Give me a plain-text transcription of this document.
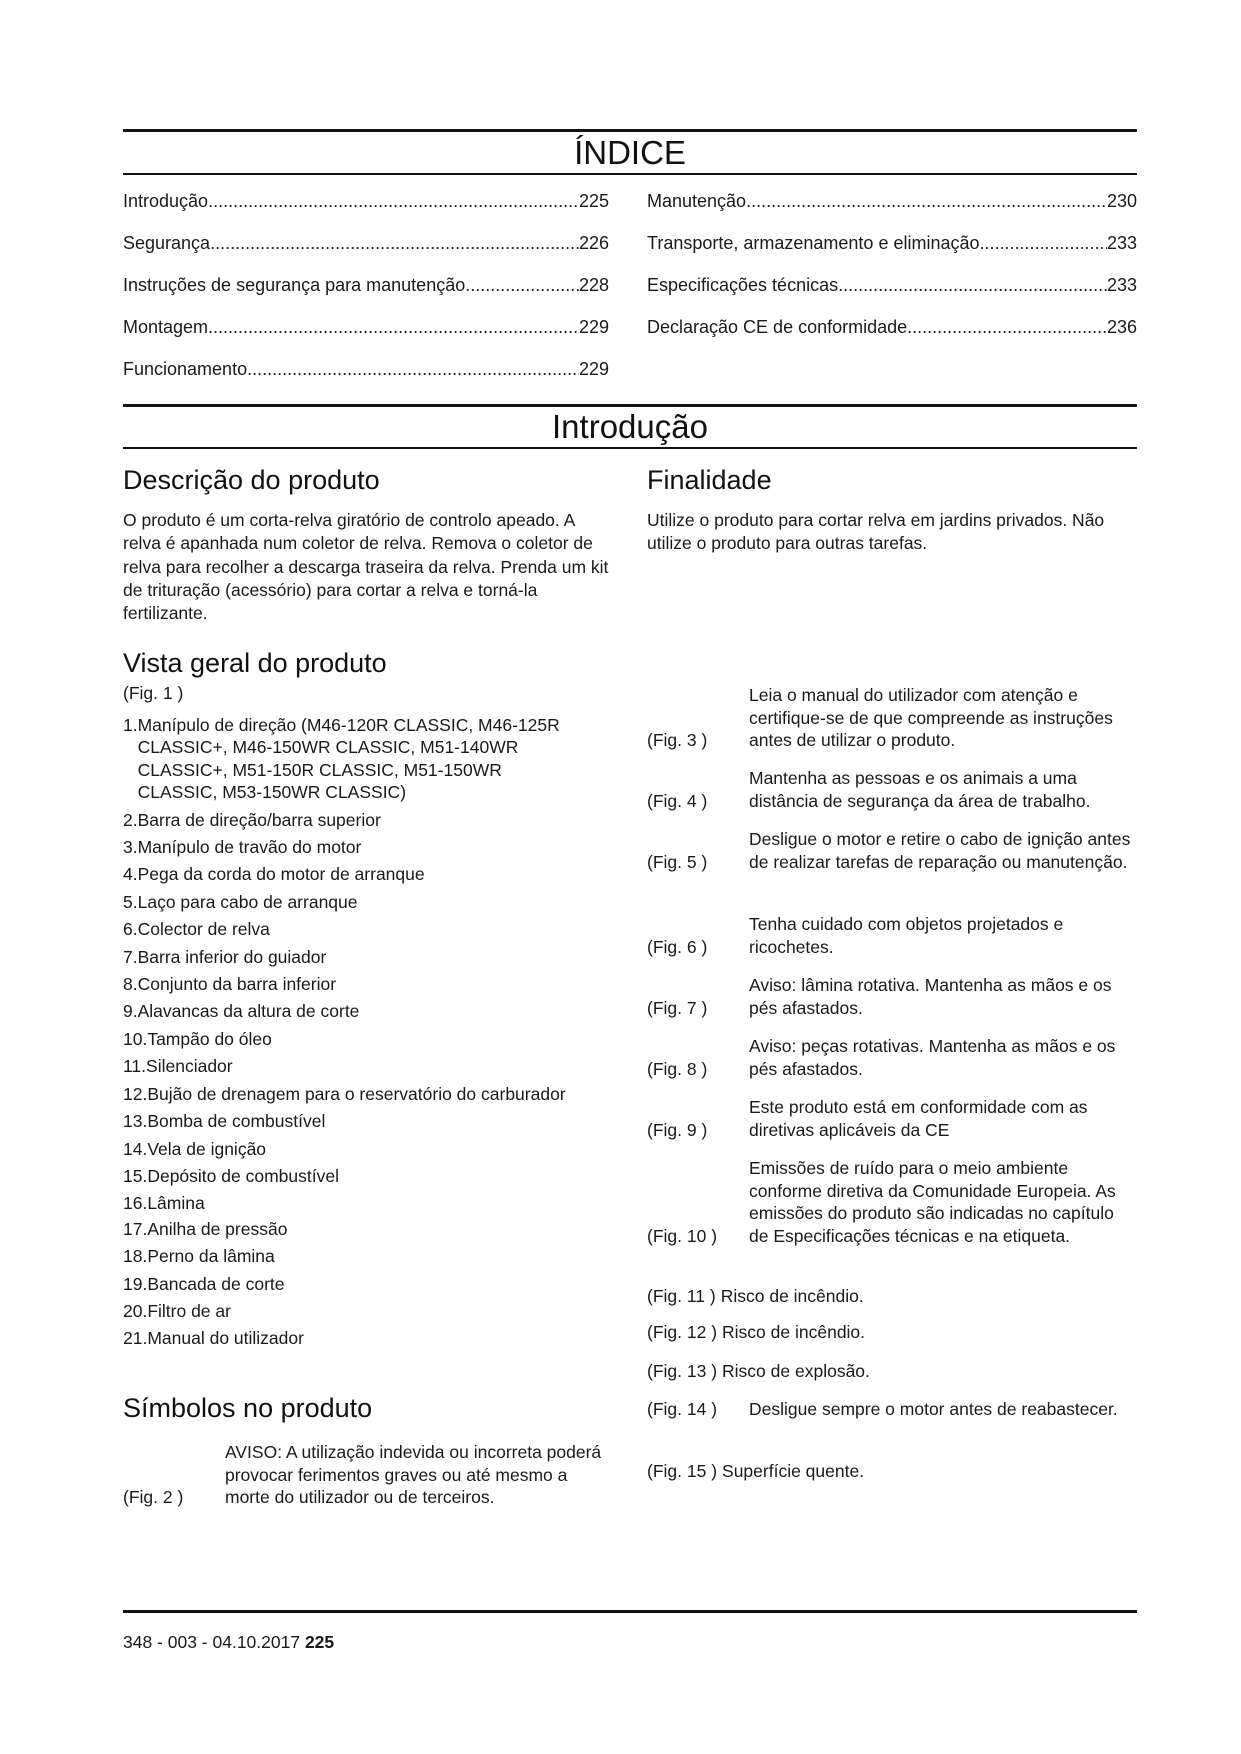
ÍNDICE
Introdução .....	225
Segurança .....	226
Instruções de segurança para manutenção .....	228
Montagem .....	229
Funcionamento .....	229
Manutenção .....	230
Transporte, armazenamento e eliminação .....	233
Especificações técnicas .....	233
Declaração CE de conformidade .....	236
Introdução
Descrição do produto

O produto é um corta-relva giratório de controlo apeado. A relva é apanhada num coletor de relva. Remova o coletor de relva para recolher a descarga traseira da relva. Prenda um kit de trituração (acessório) para cortar a relva e torná-la fertilizante.

Finalidade

Utilize o produto para cortar relva em jardins privados. Não utilize o produto para outras tarefas.

Vista geral do produto
(Fig. 1 )
1. Manípulo de direção (M46-120R CLASSIC, M46-125R CLASSIC+, M46-150WR CLASSIC, M51-140WR CLASSIC+, M51-150R CLASSIC, M51-150WR CLASSIC, M53-150WR CLASSIC)
2. Barra de direção/barra superior
3. Manípulo de travão do motor
4. Pega da corda do motor de arranque
5. Laço para cabo de arranque
6. Colector de relva
7. Barra inferior do guiador
8. Conjunto da barra inferior
9. Alavancas da altura de corte
10. Tampão do óleo
11. Silenciador
12. Bujão de drenagem para o reservatório do carburador
13. Bomba de combustível
14. Vela de ignição
15. Depósito de combustível
16. Lâmina
17. Anilha de pressão
18. Perno da lâmina
19. Bancada de corte
20. Filtro de ar
21. Manual do utilizador
Símbolos no produto
(Fig. 2 )
AVISO: A utilização indevida ou incorreta poderá provocar ferimentos graves ou até mesmo a morte do utilizador ou de terceiros.
(Fig. 3 )
Leia o manual do utilizador com atenção e certifique-se de que compreende as instruções antes de utilizar o produto.
(Fig. 4 )
Mantenha as pessoas e os animais a uma distância de segurança da área de trabalho.
(Fig. 5 )
Desligue o motor e retire o cabo de ignição antes de realizar tarefas de reparação ou manutenção.
(Fig. 6 )
Tenha cuidado com objetos projetados e ricochetes.
(Fig. 7 )
Aviso: lâmina rotativa. Mantenha as mãos e os pés afastados.
(Fig. 8 )
Aviso: peças rotativas. Mantenha as mãos e os pés afastados.
(Fig. 9 )
Este produto está em conformidade com as diretivas aplicáveis da CE
(Fig. 10 )
Emissões de ruído para o meio ambiente conforme diretiva da Comunidade Europeia. As emissões do produto são indicadas no capítulo de Especificações técnicas e na etiqueta.
(Fig. 11 ) Risco de incêndio.
(Fig. 12 ) Risco de incêndio.
(Fig. 13 ) Risco de explosão.
(Fig. 14 )	Desligue sempre o motor antes de reabastecer.
(Fig. 15 ) Superfície quente.
348 - 003 - 04.10.2017 225
